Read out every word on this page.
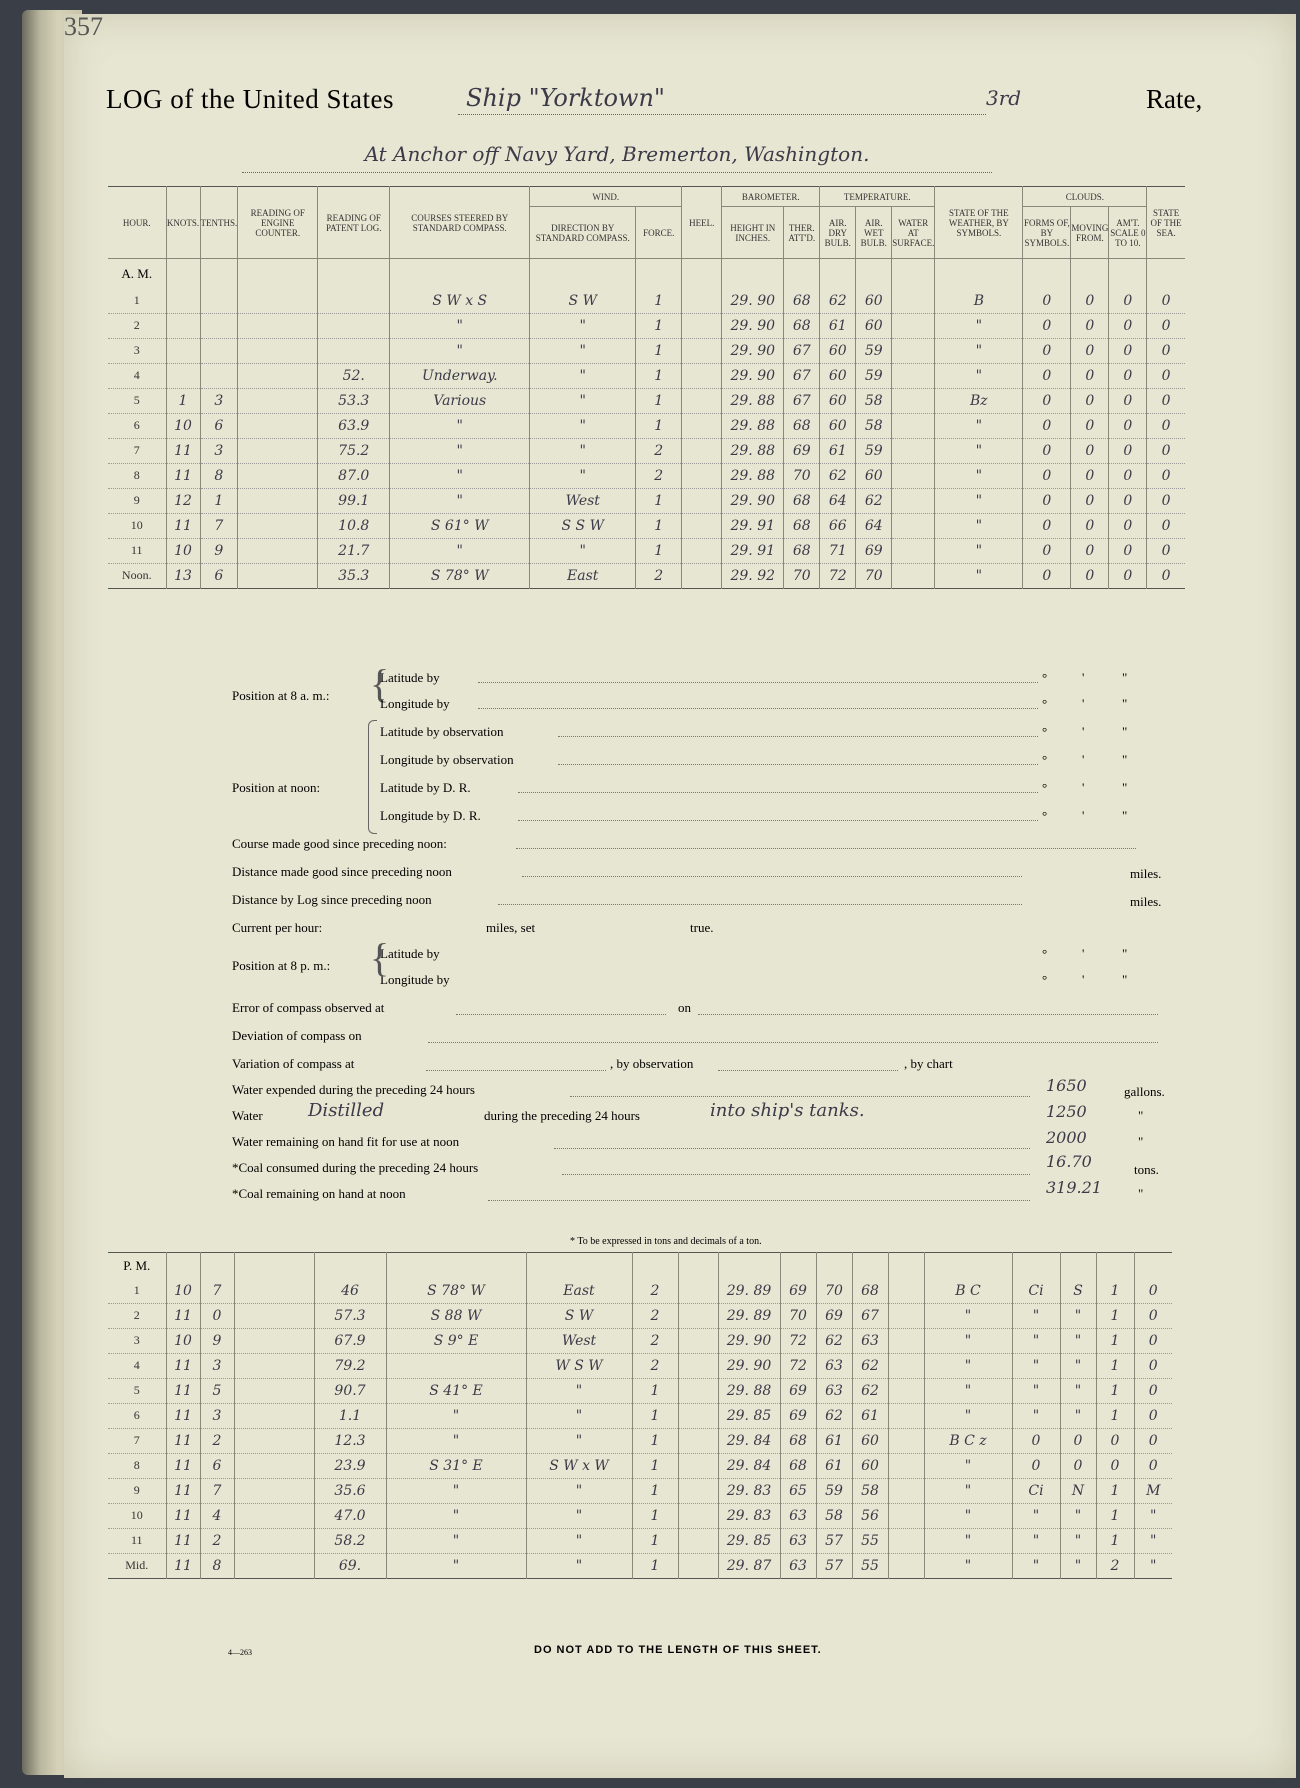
357
LOG of the United States	Ship "Yorktown"	3rd	Rate,
At Anchor off Navy Yard, Bremerton, Washington.
HOUR.	KNOTS.	TENTHS.	READING OF ENGINE COUNTER.	READING OF PATENT LOG.	COURSES STEERED BY STANDARD COMPASS.	WIND.		HEEL.	BAROMETER.		TEMPERATURE.			STATE OF THE WEATHER, BY SYMBOLS.	CLOUDS.			STATE OF THE SEA.
						DIRECTION BY STANDARD COMPASS.	FORCE.		HEIGHT IN INCHES.	THER. ATT'D.	AIR. DRY BULB.	AIR. WET BULB.	WATER AT SURFACE.		FORMS OF, BY SYMBOLS.	MOVING FROM.	AM'T. SCALE 0 TO 10.	
A. M.																		
1					S W x S	S W	1		29. 90	68	62	60		B	0	0	0	0
2					"	"	1		29. 90	68	61	60		"	0	0	0	0
3					"	"	1		29. 90	67	60	59		"	0	0	0	0
4				52.	Underway.	"	1		29. 90	67	60	59		"	0	0	0	0
5	1	3		53.3	Various	"	1		29. 88	67	60	58		Bz	0	0	0	0
6	10	6		63.9	"	"	1		29. 88	68	60	58		"	0	0	0	0
7	11	3		75.2	"	"	2		29. 88	69	61	59		"	0	0	0	0
8	11	8		87.0	"	"	2		29. 88	70	62	60		"	0	0	0	0
9	12	1		99.1	"	West	1		29. 90	68	64	62		"	0	0	0	0
10	11	7		10.8	S 61° W	S S W	1		29. 91	68	66	64		"	0	0	0	0
11	10	9		21.7	"	"	1		29. 91	68	71	69		"	0	0	0	0
Noon.	13	6		35.3	S 78° W	East	2		29. 92	70	72	70		"	0	0	0	0
Position at 8 a. m.: {
Latitude by
Longitude by
Position at noon:
Latitude by observation
Longitude by observation
Latitude by D. R.
Longitude by D. R.
Course made good since preceding noon:
Distance made good since preceding noon	miles.
Distance by Log since preceding noon	miles.
Current per hour:	miles, set	true.
Position at 8 p. m.:
Latitude by
Longitude by
Error of compass observed at	on
Deviation of compass on
Variation of compass at	, by observation	, by chart
Water expended during the preceding 24 hours	1650	gallons.
Water	Distilled	during the preceding 24 hours	into ship's tanks.	1250	"
Water remaining on hand fit for use at noon	2000	"
*Coal consumed during the preceding 24 hours	16.70	tons.
*Coal remaining on hand at noon	319.21	"
°	'	"
°	'	"
°	'	"
°	'	"
°	'	"
°	'	"
°	'	"
°	'	"
{
* To be expressed in tons and decimals of a ton.
P. M.																		
1	10	7		46	S 78° W	East	2		29. 89	69	70	68		B C	Ci	S	1	0
2	11	0		57.3	S 88 W	S W	2		29. 89	70	69	67		"	"	"	1	0
3	10	9		67.9	S 9° E	West	2		29. 90	72	62	63		"	"	"	1	0
4	11	3		79.2		W S W	2		29. 90	72	63	62		"	"	"	1	0
5	11	5		90.7	S 41° E	"	1		29. 88	69	63	62		"	"	"	1	0
6	11	3		1.1	"	"	1		29. 85	69	62	61		"	"	"	1	0
7	11	2		12.3	"	"	1		29. 84	68	61	60		B C z	0	0	0	0
8	11	6		23.9	S 31° E	S W x W	1		29. 84	68	61	60		"	0	0	0	0
9	11	7		35.6	"	"	1		29. 83	65	59	58		"	Ci	N	1	M
10	11	4		47.0	"	"	1		29. 83	63	58	56		"	"	"	1	"
11	11	2		58.2	"	"	1		29. 85	63	57	55		"	"	"	1	"
Mid.	11	8		69.	"	"	1		29. 87	63	57	55		"	"	"	2	"
4—263	DO NOT ADD TO THE LENGTH OF THIS SHEET.
